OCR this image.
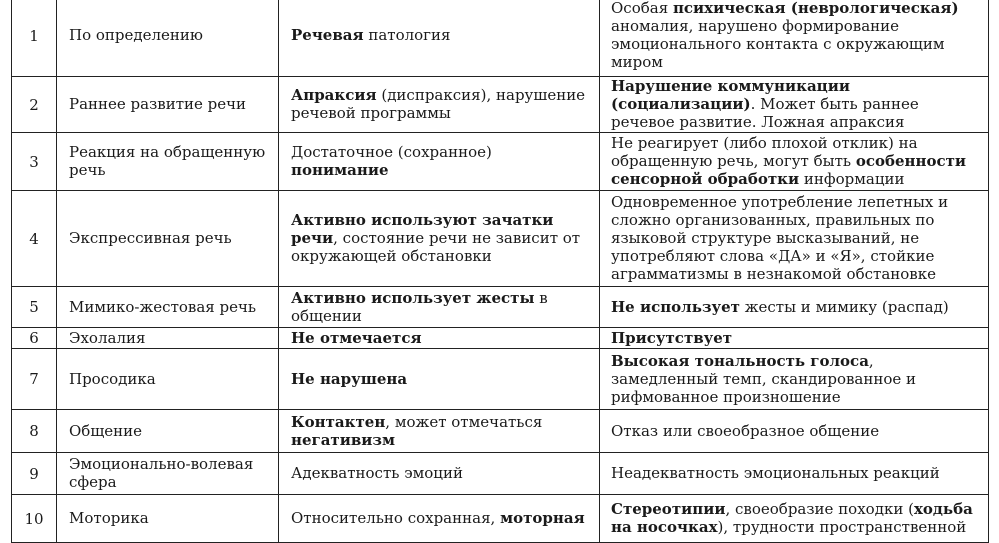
1	По определению	Речевая патология	Особая психическая (неврологическая) аномалия, нарушено формирование эмоционального контакта с окружающим миром
2	Раннее развитие речи	Апраксия (диспраксия), нарушение речевой программы	Нарушение коммуникации (социализации). Может быть раннее речевое развитие. Ложная апраксия
3	Реакция на обращенную речь	Достаточное (сохранное) понимание	Не реагирует (либо плохой отклик) на обращенную речь, могут быть особенности сенсорной обработки информации
4	Экспрессивная речь	Активно используют зачатки речи, состояние речи не зависит от окружающей обстановки	Одновременное употребление лепетных и сложно организованных, правильных по языковой структуре высказываний, не употребляют слова «ДА» и «Я», стойкие аграмматизмы в незнакомой обстановке
5	Мимико-жестовая речь	Активно использует жесты в общении	Не использует жесты и мимику (распад)
6	Эхолалия	Не отмечается	Присутствует
7	Просодика	Не нарушена	Высокая тональность голоса, замедленный темп, скандированное и рифмованное произношение
8	Общение	Контактен, может отмечаться негативизм	Отказ или своеобразное общение
9	Эмоционально-волевая сфера	Адекватность эмоций	Неадекватность эмоциональных реакций
10	Моторика	Относительно сохранная, моторная	Стереотипии, своеобразие походки (ходьба на носочках), трудности пространственной
